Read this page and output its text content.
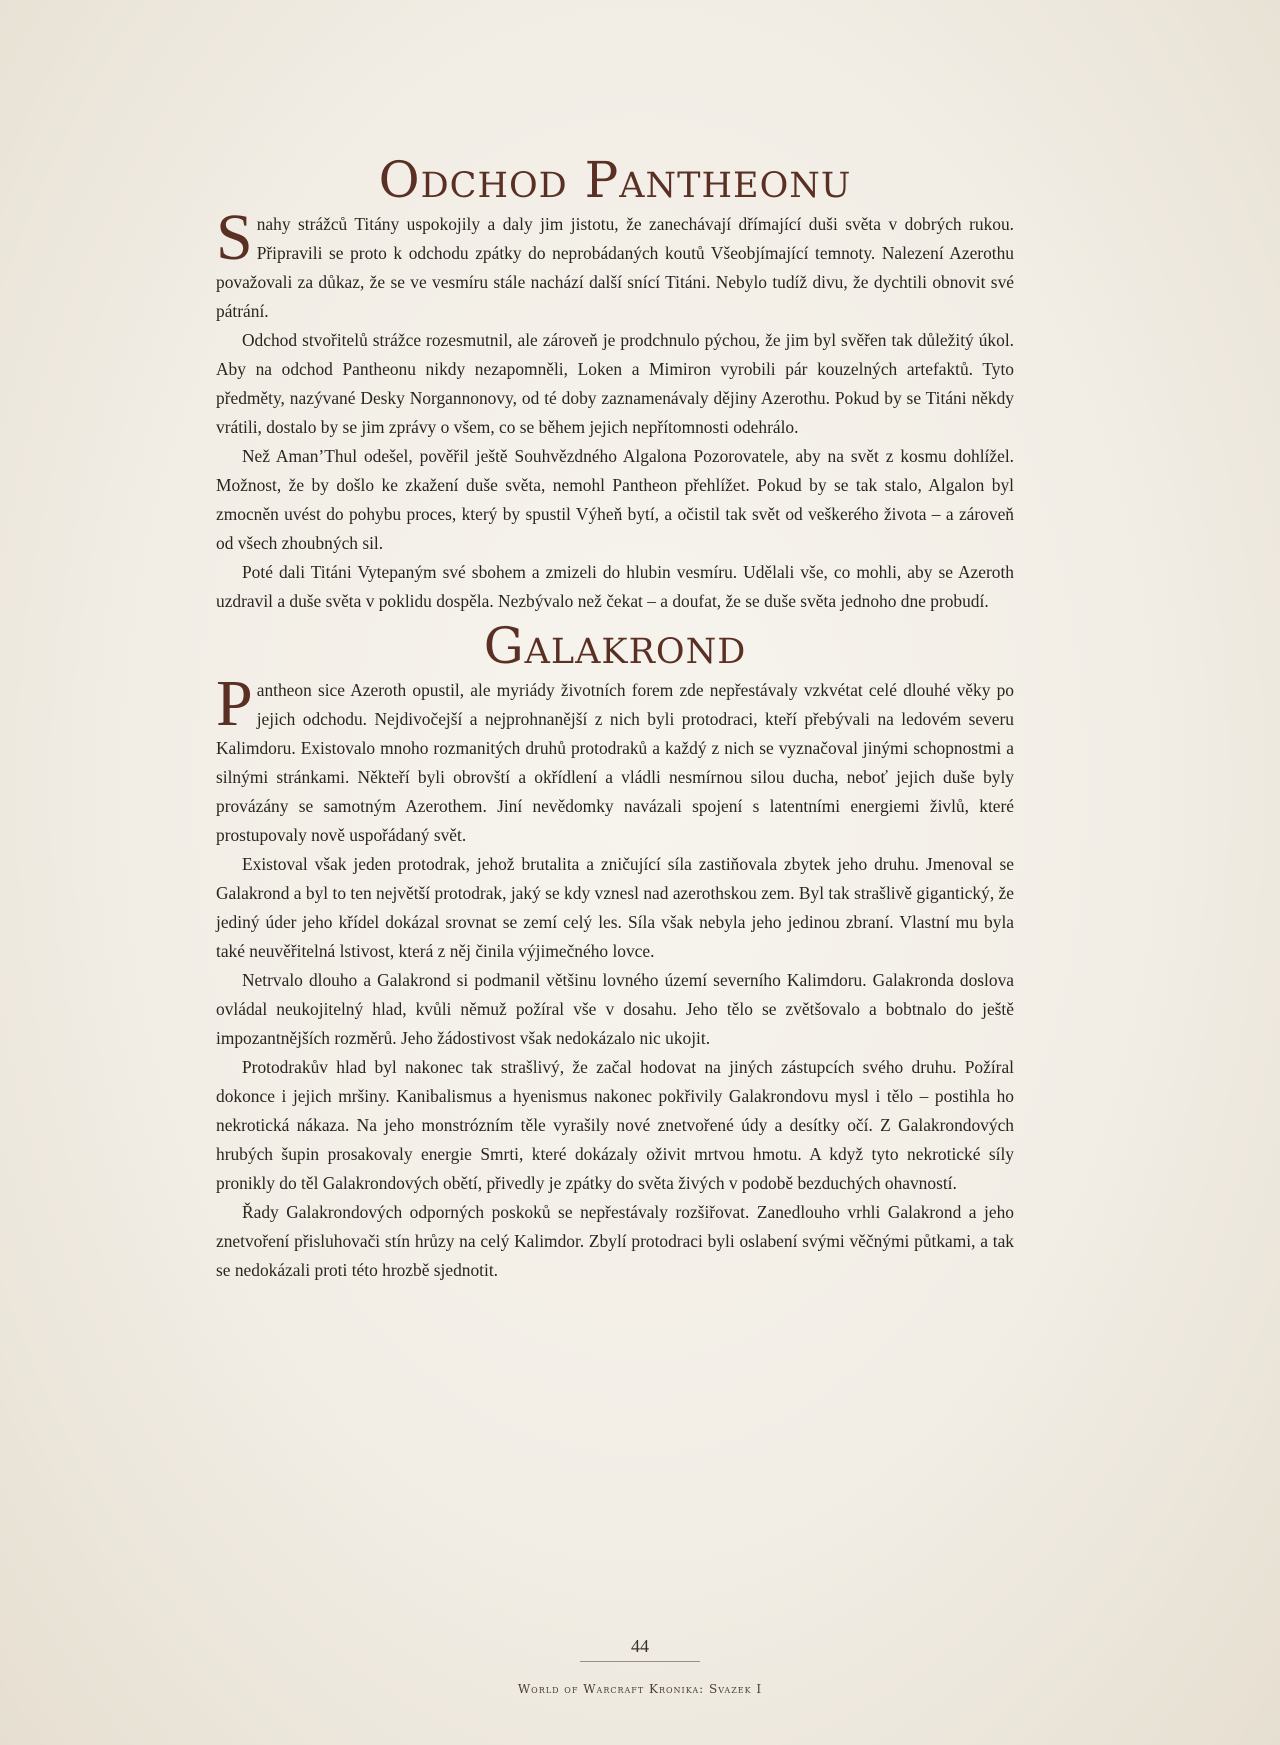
Odchod Pantheonu

Snahy strážců Titány uspokojily a daly jim jistotu, že zanechávají dřímající duši světa v dobrých rukou. Připravili se proto k odchodu zpátky do neprobádaných koutů Všeobjímající temnoty. Nalezení Azerothu považovali za důkaz, že se ve vesmíru stále nachází další snící Titáni. Nebylo tudíž divu, že dychtili obnovit své pátrání.

Odchod stvořitelů strážce rozesmutnil, ale zároveň je prodchnulo pýchou, že jim byl svěřen tak důležitý úkol. Aby na odchod Pantheonu nikdy nezapomněli, Loken a Mimiron vyrobili pár kouzelných artefaktů. Tyto předměty, nazývané Desky Norgannonovy, od té doby zaznamenávaly dějiny Azerothu. Pokud by se Titáni někdy vrátili, dostalo by se jim zprávy o všem, co se během jejich nepřítomnosti odehrálo.

Než Aman’Thul odešel, pověřil ještě Souhvězdného Algalona Pozorovatele, aby na svět z kosmu dohlížel. Možnost, že by došlo ke zkažení duše světa, nemohl Pantheon přehlížet. Pokud by se tak stalo, Algalon byl zmocněn uvést do pohybu proces, který by spustil Výheň bytí, a očistil tak svět od veškerého života – a zároveň od všech zhoubných sil.

Poté dali Titáni Vytepaným své sbohem a zmizeli do hlubin vesmíru. Udělali vše, co mohli, aby se Azeroth uzdravil a duše světa v poklidu dospěla. Nezbývalo než čekat – a doufat, že se duše světa jednoho dne probudí.

Galakrond

Pantheon sice Azeroth opustil, ale myriády životních forem zde nepřestávaly vzkvétat celé dlouhé věky po jejich odchodu. Nejdivočejší a nejprohnanější z nich byli protodraci, kteří přebývali na ledovém severu Kalimdoru. Existovalo mnoho rozmanitých druhů protodraků a každý z nich se vyznačoval jinými schopnostmi a silnými stránkami. Někteří byli obrovští a okřídlení a vládli nesmírnou silou ducha, neboť jejich duše byly provázány se samotným Azerothem. Jiní nevědomky navázali spojení s latentními energiemi živlů, které prostupovaly nově uspořádaný svět.

Existoval však jeden protodrak, jehož brutalita a zničující síla zastiňovala zbytek jeho druhu. Jmenoval se Galakrond a byl to ten největší protodrak, jaký se kdy vznesl nad azerothskou zem. Byl tak strašlivě gigantický, že jediný úder jeho křídel dokázal srovnat se zemí celý les. Síla však nebyla jeho jedinou zbraní. Vlastní mu byla také neuvěřitelná lstivost, která z něj činila výjimečného lovce.

Netrvalo dlouho a Galakrond si podmanil většinu lovného území severního Kalimdoru. Galakronda doslova ovládal neukojitelný hlad, kvůli němuž požíral vše v dosahu. Jeho tělo se zvětšovalo a bobtnalo do ještě impozantnějších rozměrů. Jeho žádostivost však nedokázalo nic ukojit.

Protodrakův hlad byl nakonec tak strašlivý, že začal hodovat na jiných zástupcích svého druhu. Požíral dokonce i jejich mršiny. Kanibalismus a hyenismus nakonec pokřivily Galakrondovu mysl i tělo – postihla ho nekrotická nákaza. Na jeho monstrózním těle vyrašily nové znetvořené údy a desítky očí. Z Galakrondových hrubých šupin prosakovaly energie Smrti, které dokázaly oživit mrtvou hmotu. A když tyto nekrotické síly pronikly do těl Galakrondových obětí, přivedly je zpátky do světa živých v podobě bezduchých ohavností.

Řady Galakrondových odporných poskoků se nepřestávaly rozšiřovat. Zanedlouho vrhli Galakrond a jeho znetvoření přisluhovači stín hrůzy na celý Kalimdor. Zbylí protodraci byli oslabení svými věčnými půtkami, a tak se nedokázali proti této hrozbě sjednotit.

44
World of Warcraft Kronika: Svazek I
